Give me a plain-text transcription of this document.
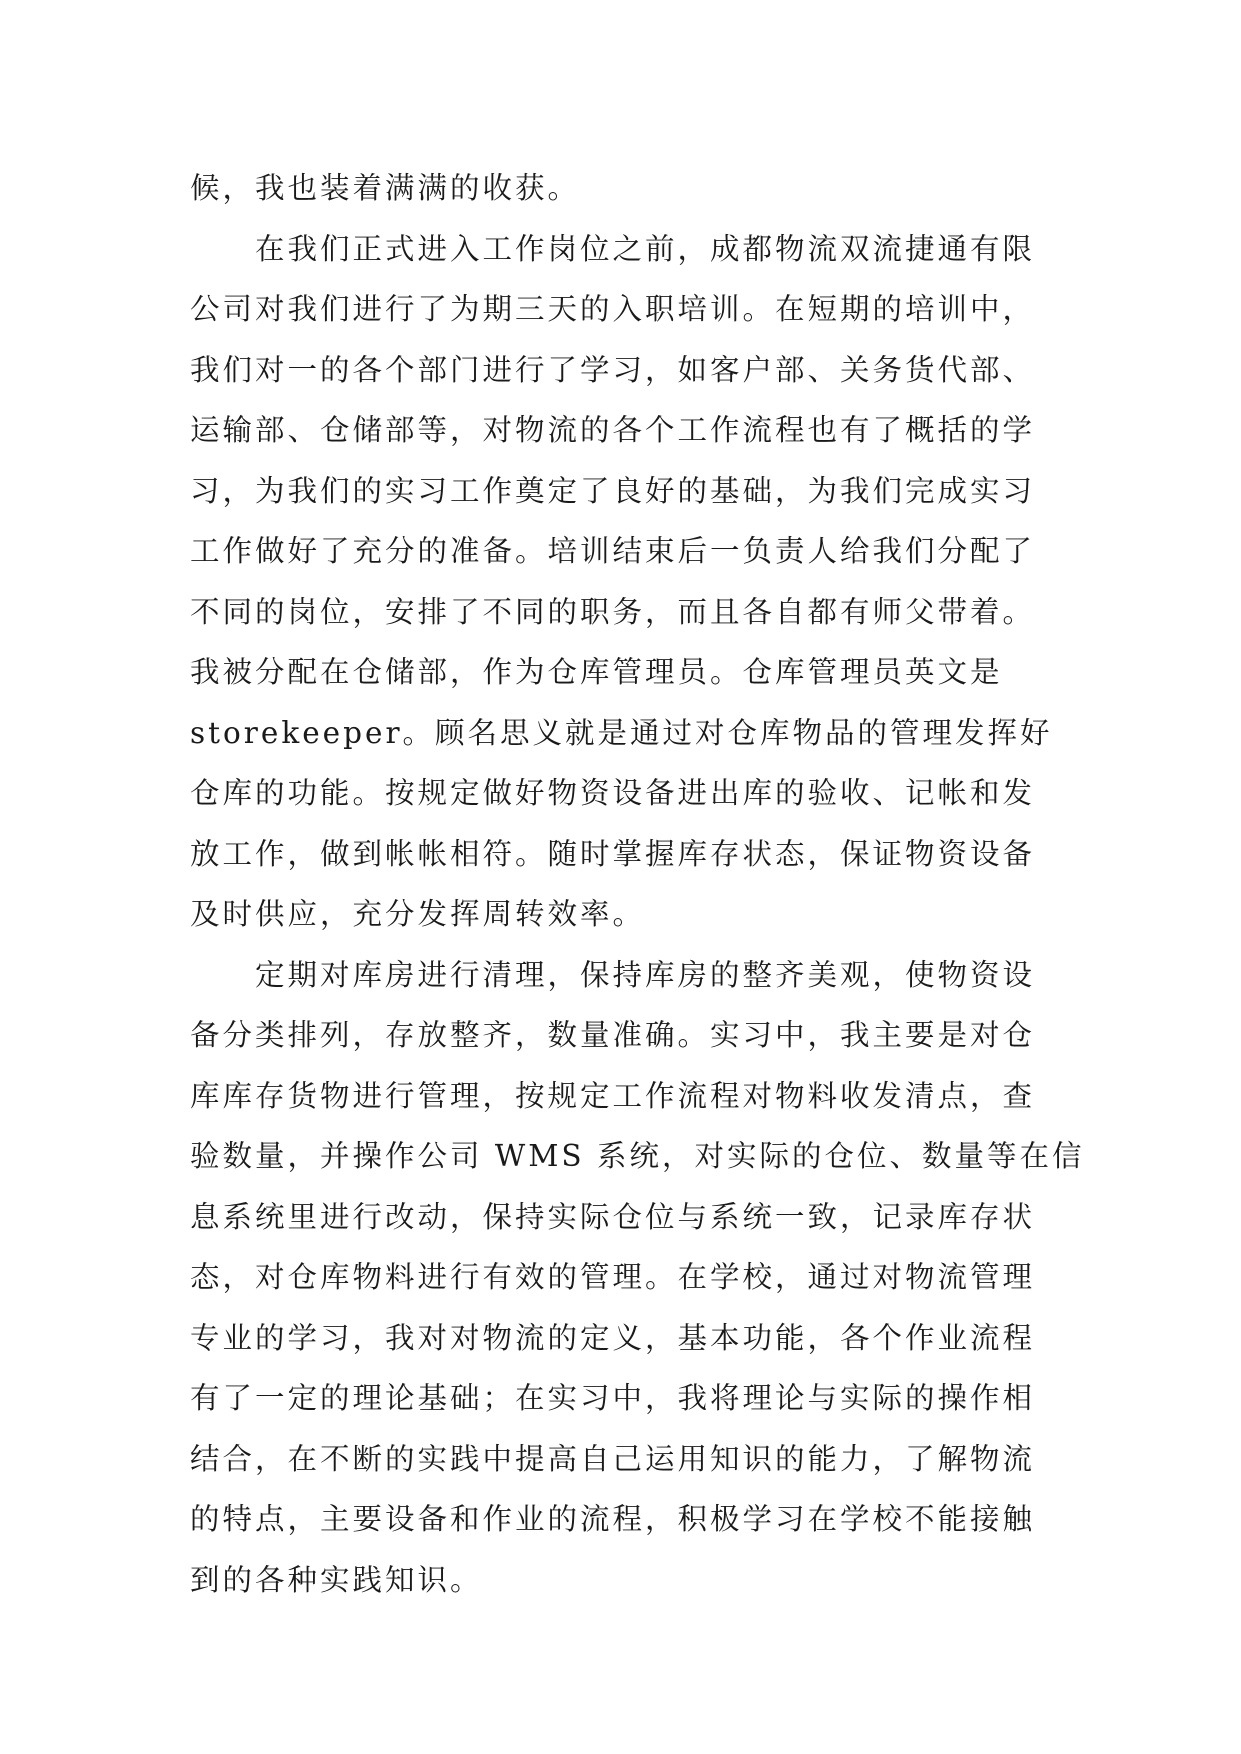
候，我也装着满满的收获。
在我们正式进入工作岗位之前，成都物流双流捷通有限
公司对我们进行了为期三天的入职培训。在短期的培训中，
我们对一的各个部门进行了学习，如客户部、关务货代部、
运输部、仓储部等，对物流的各个工作流程也有了概括的学
习，为我们的实习工作奠定了良好的基础，为我们完成实习
工作做好了充分的准备。培训结束后一负责人给我们分配了
不同的岗位，安排了不同的职务，而且各自都有师父带着。
我被分配在仓储部，作为仓库管理员。仓库管理员英文是
storekeeper。顾名思义就是通过对仓库物品的管理发挥好
仓库的功能。按规定做好物资设备进出库的验收、记帐和发
放工作，做到帐帐相符。随时掌握库存状态，保证物资设备
及时供应，充分发挥周转效率。
定期对库房进行清理，保持库房的整齐美观，使物资设
备分类排列，存放整齐，数量准确。实习中，我主要是对仓
库库存货物进行管理，按规定工作流程对物料收发清点，查
验数量，并操作公司 WMS 系统，对实际的仓位、数量等在信
息系统里进行改动，保持实际仓位与系统一致，记录库存状
态，对仓库物料进行有效的管理。在学校，通过对物流管理
专业的学习，我对对物流的定义，基本功能，各个作业流程
有了一定的理论基础；在实习中，我将理论与实际的操作相
结合，在不断的实践中提高自己运用知识的能力，了解物流
的特点，主要设备和作业的流程，积极学习在学校不能接触
到的各种实践知识。
